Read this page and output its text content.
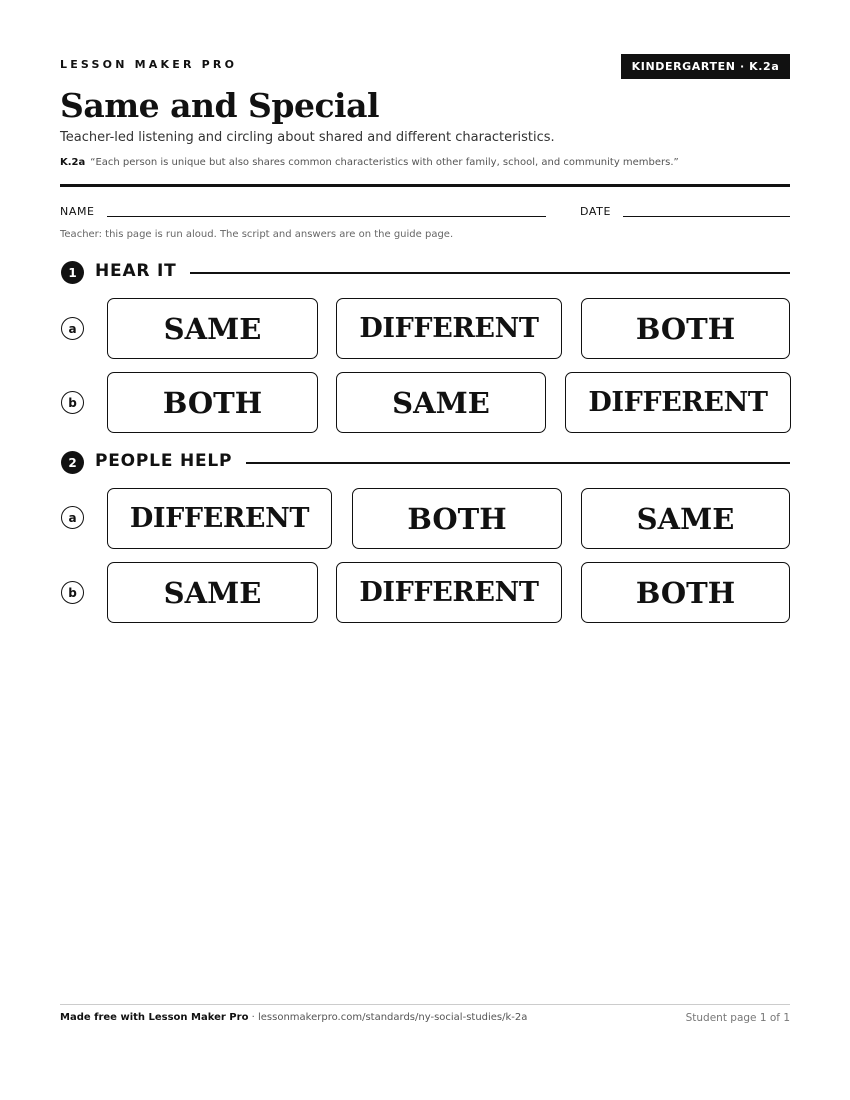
LESSON MAKER PRO	KINDERGARTEN · K.2a
Same and Special
Teacher-led listening and circling about shared and different characteristics.
K.2a “Each person is unique but also shares common characteristics with other family, school, and community members.”
NAME	DATE
Teacher: this page is run aloud. The script and answers are on the guide page.
1	HEAR IT
a	SAME	DIFFERENT	BOTH
b	BOTH	SAME	DIFFERENT
2	PEOPLE HELP
a	DIFFERENT	BOTH	SAME
b	SAME	DIFFERENT	BOTH
Made free with Lesson Maker Pro · lessonmakerpro.com/standards/ny-social-studies/k-2a	Student page 1 of 1
